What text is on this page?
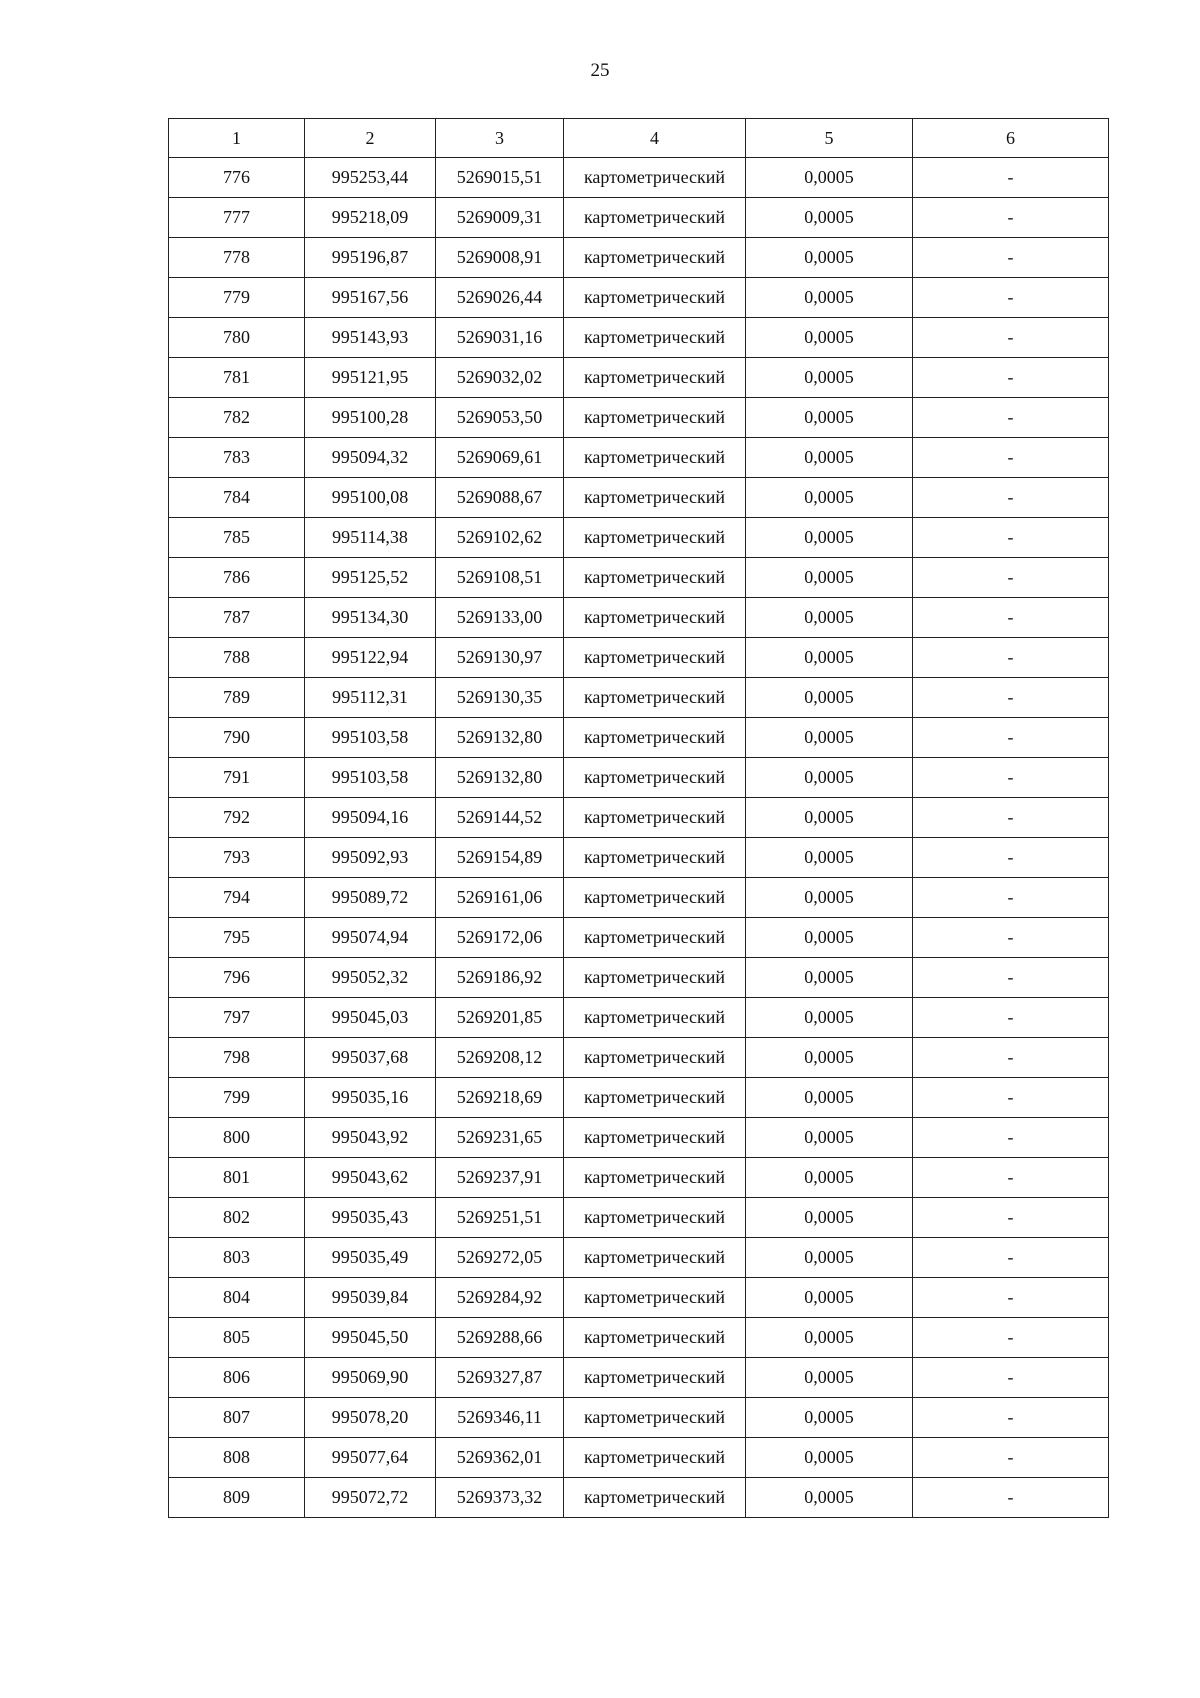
25
1	2	3	4	5	6
776	995253,44	5269015,51	картометрический	0,0005	-
777	995218,09	5269009,31	картометрический	0,0005	-
778	995196,87	5269008,91	картометрический	0,0005	-
779	995167,56	5269026,44	картометрический	0,0005	-
780	995143,93	5269031,16	картометрический	0,0005	-
781	995121,95	5269032,02	картометрический	0,0005	-
782	995100,28	5269053,50	картометрический	0,0005	-
783	995094,32	5269069,61	картометрический	0,0005	-
784	995100,08	5269088,67	картометрический	0,0005	-
785	995114,38	5269102,62	картометрический	0,0005	-
786	995125,52	5269108,51	картометрический	0,0005	-
787	995134,30	5269133,00	картометрический	0,0005	-
788	995122,94	5269130,97	картометрический	0,0005	-
789	995112,31	5269130,35	картометрический	0,0005	-
790	995103,58	5269132,80	картометрический	0,0005	-
791	995103,58	5269132,80	картометрический	0,0005	-
792	995094,16	5269144,52	картометрический	0,0005	-
793	995092,93	5269154,89	картометрический	0,0005	-
794	995089,72	5269161,06	картометрический	0,0005	-
795	995074,94	5269172,06	картометрический	0,0005	-
796	995052,32	5269186,92	картометрический	0,0005	-
797	995045,03	5269201,85	картометрический	0,0005	-
798	995037,68	5269208,12	картометрический	0,0005	-
799	995035,16	5269218,69	картометрический	0,0005	-
800	995043,92	5269231,65	картометрический	0,0005	-
801	995043,62	5269237,91	картометрический	0,0005	-
802	995035,43	5269251,51	картометрический	0,0005	-
803	995035,49	5269272,05	картометрический	0,0005	-
804	995039,84	5269284,92	картометрический	0,0005	-
805	995045,50	5269288,66	картометрический	0,0005	-
806	995069,90	5269327,87	картометрический	0,0005	-
807	995078,20	5269346,11	картометрический	0,0005	-
808	995077,64	5269362,01	картометрический	0,0005	-
809	995072,72	5269373,32	картометрический	0,0005	-
